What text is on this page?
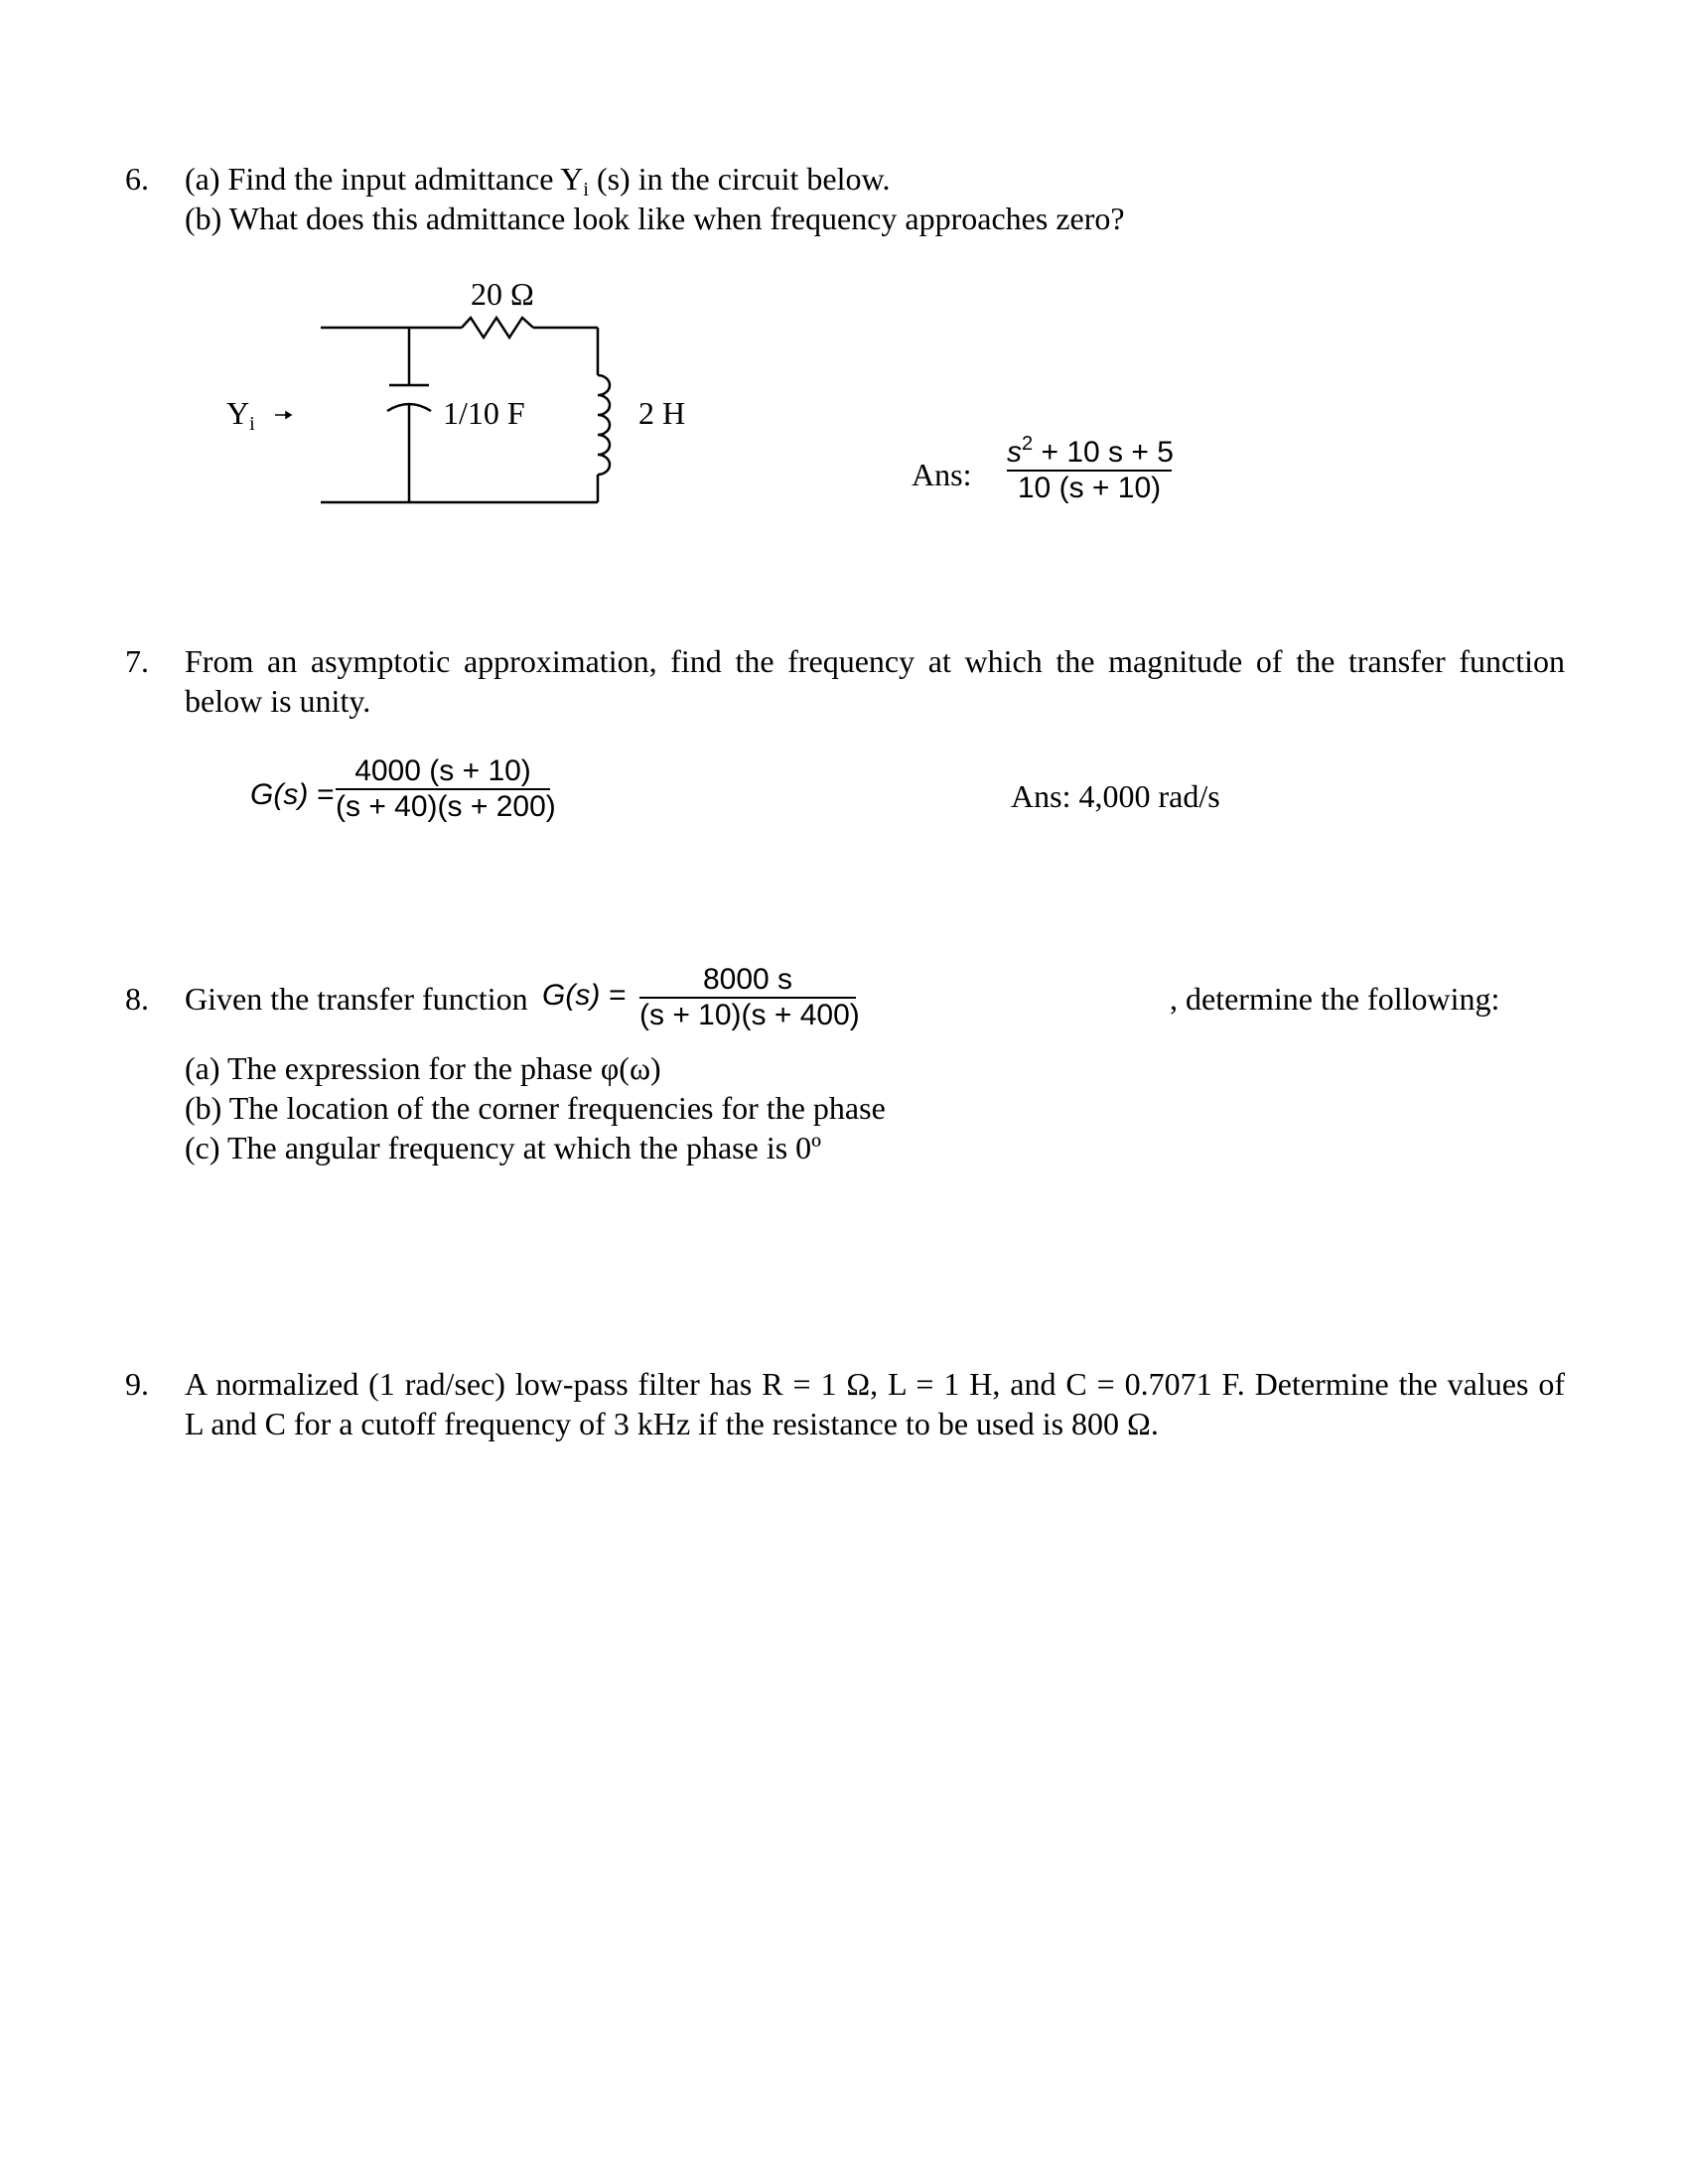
6. (a) Find the input admittance $Y_i$ (s) in the circuit below.
(b) What does this admittance look like when frequency approaches zero?
20 Ω
1/10 F	2 H
$Y_i$
Ans:
$s^2 + 10$ s + 5
10 (s + 10)
7. From an asymptotic approximation, find the frequency at which the magnitude of the transfer function
below is unity.
G(s) =
4000 (s + 10)
(s + 40)(s + 200)	Ans: 4,000 rad/s
8. Given the transfer function G(s) =	8000 s
(s + 10)(s + 400)	, determine the following:
(a) The expression for the phase φ(ω)
(b) The location of the corner frequencies for the phase
(c) The angular frequency at which the phase is 0º
9. A normalized (1 rad/sec) low-pass filter has R = 1 Ω, L = 1 H, and C = 0.7071 F. Determine the values of
L and C for a cutoff frequency of 3 kHz if the resistance to be used is 800 Ω.
